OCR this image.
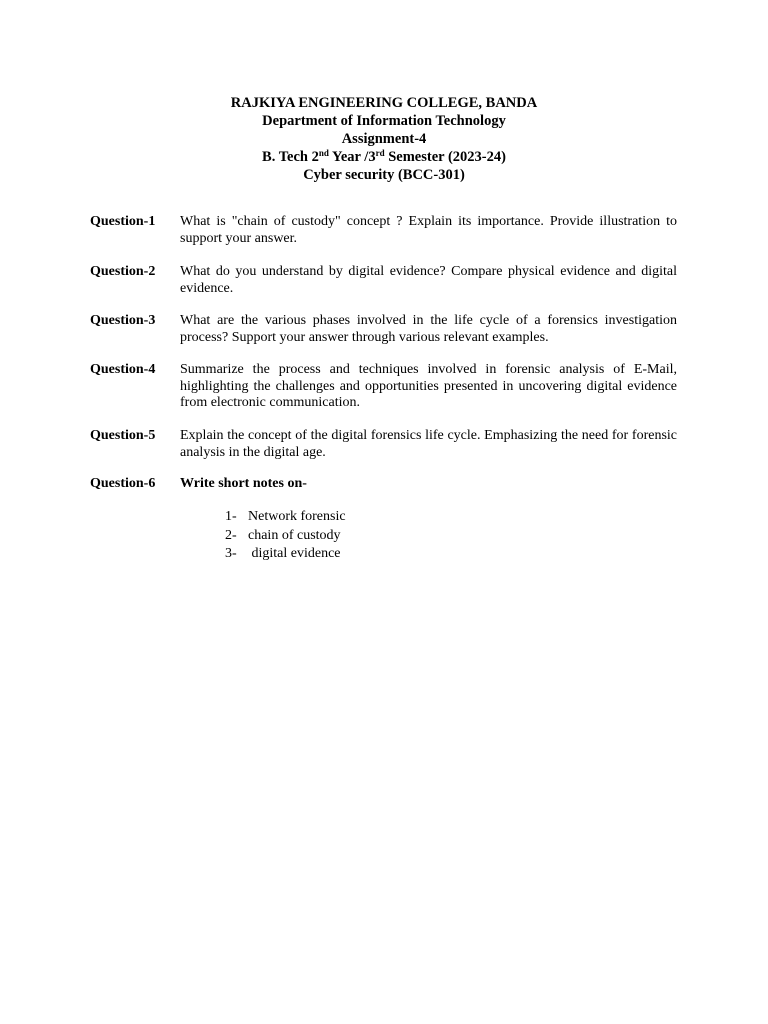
RAJKIYA ENGINEERING COLLEGE, BANDA
Department of Information Technology
Assignment-4
B. Tech 2nd Year /3rd Semester (2023-24)
Cyber security (BCC-301)
Question-1 What is "chain of custody" concept ? Explain its importance. Provide illustration to support your answer.
Question-2 What do you understand by digital evidence? Compare physical evidence and digital evidence.
Question-3 What are the various phases involved in the life cycle of a forensics investigation process? Support your answer through various relevant examples.
Question-4 Summarize the process and techniques involved in forensic analysis of E-Mail, highlighting the challenges and opportunities presented in uncovering digital evidence from electronic communication.
Question-5 Explain the concept of the digital forensics life cycle. Emphasizing the need for forensic analysis in the digital age.
Question-6 Write short notes on-
1- Network forensic
2- chain of custody
3- digital evidence
